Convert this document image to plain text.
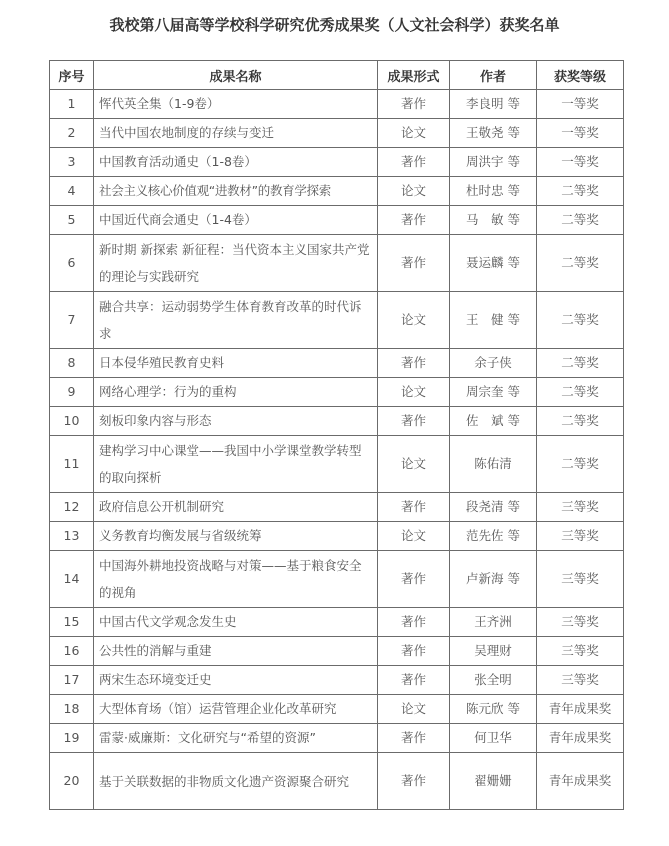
我校第八届高等学校科学研究优秀成果奖（人文社会科学）获奖名单
序号	成果名称	成果形式	作者	获奖等级
1	恽代英全集（1-9卷）	著作	李良明 等	一等奖
2	当代中国农地制度的存续与变迁	论文	王敬尧 等	一等奖
3	中国教育活动通史（1-8卷）	著作	周洪宇 等	一等奖
4	社会主义核心价值观“进教材”的教育学探索	论文	杜时忠 等	二等奖
5	中国近代商会通史（1-4卷）	著作	马　敏 等	二等奖
6	新时期 新探索 新征程：当代资本主义国家共产党的理论与实践研究	著作	聂运麟 等	二等奖
7	融合共享：运动弱势学生体育教育改革的时代诉求	论文	王　健 等	二等奖
8	日本侵华殖民教育史料	著作	余子侠	二等奖
9	网络心理学：行为的重构	论文	周宗奎 等	二等奖
10	刻板印象内容与形态	著作	佐　斌 等	二等奖
11	建构学习中心课堂——我国中小学课堂教学转型的取向探析	论文	陈佑清	二等奖
12	政府信息公开机制研究	著作	段尧清 等	三等奖
13	义务教育均衡发展与省级统筹	论文	范先佐 等	三等奖
14	中国海外耕地投资战略与对策——基于粮食安全的视角	著作	卢新海 等	三等奖
15	中国古代文学观念发生史	著作	王齐洲	三等奖
16	公共性的消解与重建	著作	吴理财	三等奖
17	两宋生态环境变迁史	著作	张全明	三等奖
18	大型体育场（馆）运营管理企业化改革研究	论文	陈元欣 等	青年成果奖
19	雷蒙·威廉斯：文化研究与“希望的资源”	著作	何卫华	青年成果奖
20	基于关联数据的非物质文化遗产资源聚合研究	著作	翟姗姗	青年成果奖
